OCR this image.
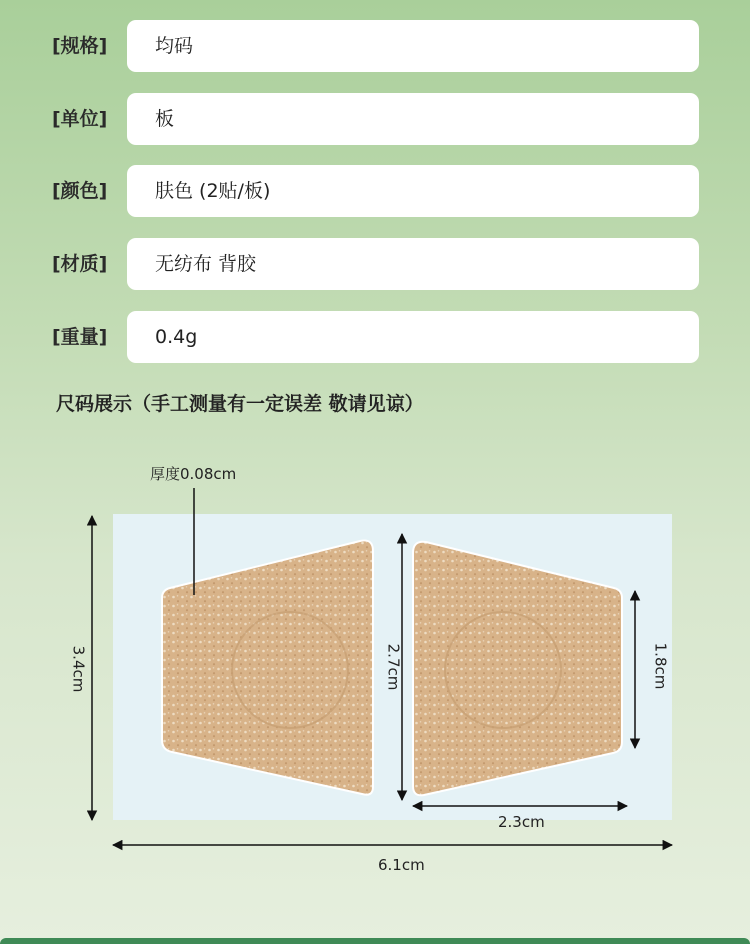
[规格]	均码
[单位]	板
[颜色]	肤色 (2贴/板)
[材质]	无纺布 背胶
[重量]	0.4g
尺码展示（手工测量有一定误差 敬请见谅）
厚度0.08cm
3.4cm	2.7cm	1.8cm
2.3cm
6.1cm
